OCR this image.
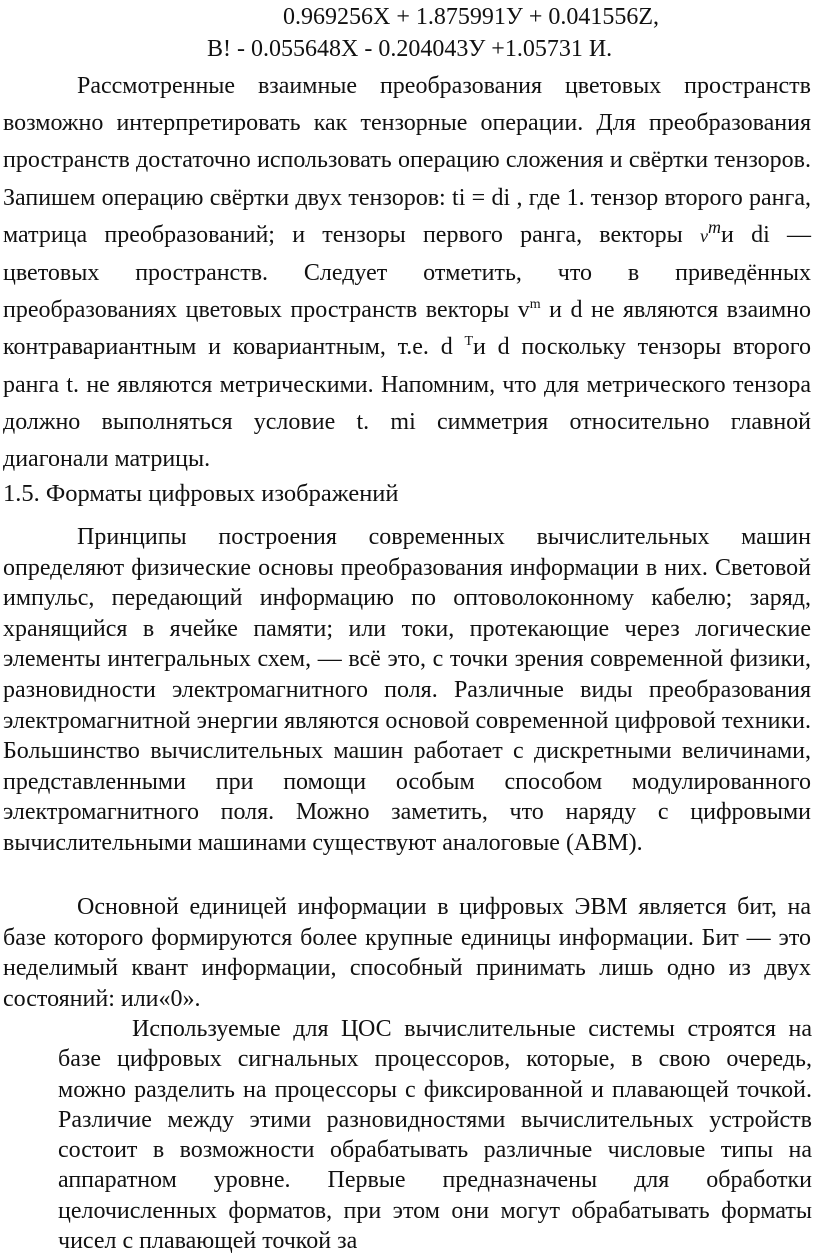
0.969256Х + 1.875991У + 0.041556Z,
В! - 0.055648Х - 0.204043У +1.05731 И.

Рассмотренные взаимные преобразования цветовых пространств возможно интерпретировать как тензорные операции. Для преобразования пространств достаточно использовать операцию сложения и свёртки тензоров. Запишем операцию свёртки двух тензоров: ti = di , где 1. тензор второго ранга, матрица преобразований; и тензоры первого ранга, векторы $v^mи$ di — цветовых пространств. Следует отметить, что в приведённых преобразованиях цветовых пространств векторы $v^m$ и d не являются взаимно контравариантным и ковариантным, т.е. d $^T$и d поскольку тензоры второго ранга t. не являются метрическими. Напомним, что для метрического тензора должно выполняться условие t. mi симметрия относительно главной диагонали матрицы.

1.5. Форматы цифровых изображений

Принципы построения современных вычислительных машин определяют физические основы преобразования информации в них. Световой импульс, передающий информацию по оптоволоконному кабелю; заряд, хранящийся в ячейке памяти; или токи, протекающие через логические элементы интегральных схем, — всё это, с точки зрения современной физики, разновидности электромагнитного поля. Различные виды преобразования электромагнитной энергии являются основой современной цифровой техники. Большинство вычислительных машин работает с дискретными величинами, представленными при помощи особым способом модулированного электромагнитного поля. Можно заметить, что наряду с цифровыми вычислительными машинами существуют аналоговые (АВМ).

Основной единицей информации в цифровых ЭВМ является бит, на базе которого формируются более крупные единицы информации. Бит — это неделимый квант информации, способный принимать лишь одно из двух состояний: или«0».

Используемые для ЦОС вычислительные системы строятся на базе цифровых сигнальных процессоров, которые, в свою очередь, можно разделить на процессоры с фиксированной и плавающей точкой. Различие между этими разновидностями вычислительных устройств состоит в возможности обрабатывать различные числовые типы на аппаратном уровне. Первые предназначены для обработки целочисленных форматов, при этом они могут обрабатывать форматы чисел с плавающей точкой за
